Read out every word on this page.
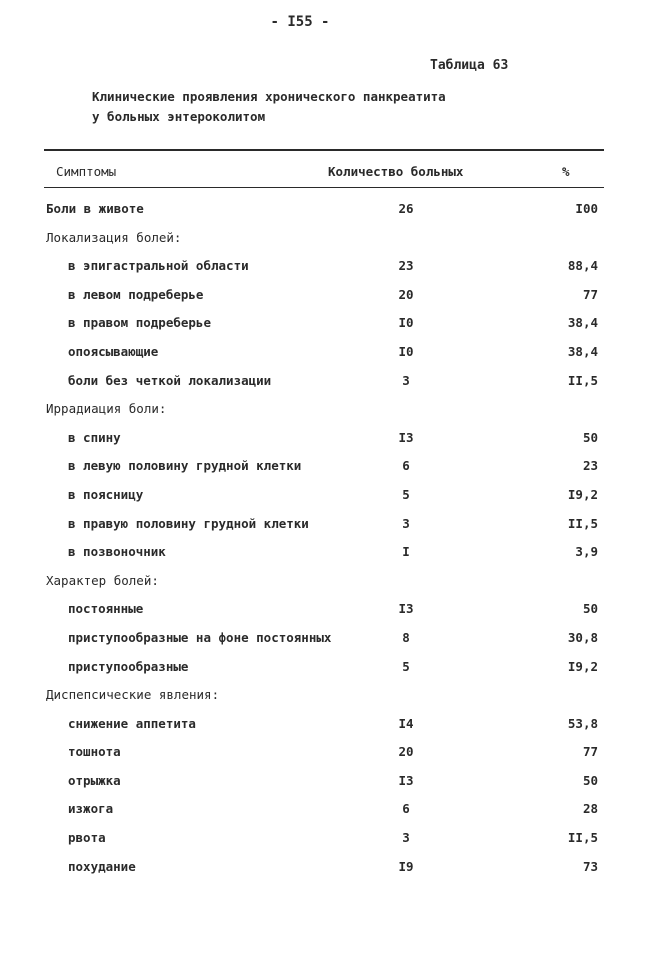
- I55 -
Таблица 63
Клинические проявления хронического панкреатита
у больных энтероколитом
Симптомы	Количество больных	%
Боли в животе	26	I00
Локализация болей:
в эпигастральной области	23	88,4
в левом подреберье	20	77
в правом подреберье	I0	38,4
опоясывающие	I0	38,4
боли без четкой локализации	3	II,5
Иррадиация боли:
в спину	I3	50
в левую половину грудной клетки	6	23
в поясницу	5	I9,2
в правую половину грудной клетки	3	II,5
в позвоночник	I	3,9
Характер болей:
постоянные	I3	50
приступообразные на фоне постоянных	8	30,8
приступообразные	5	I9,2
Диспепсические явления:
снижение аппетита	I4	53,8
тошнота	20	77
отрыжка	I3	50
изжога	6	28
рвота	3	II,5
похудание	I9	73
